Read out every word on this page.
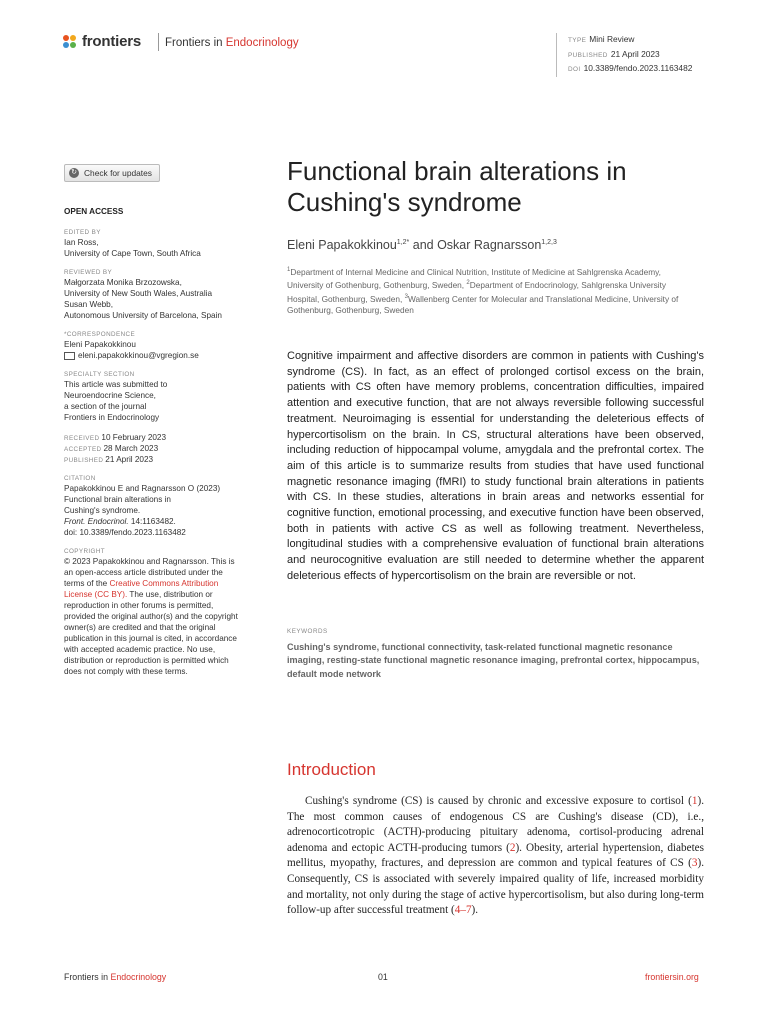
frontiers Frontiers in Endocrinology	TYPE Mini Review
PUBLISHED 21 April 2023
DOI 10.3389/fendo.2023.1163482
↻ Check for updates
OPEN ACCESS
EDITED BY
Ian Ross,
University of Cape Town, South Africa
REVIEWED BY
Małgorzata Monika Brzozowska,
University of New South Wales, Australia
Susan Webb,
Autonomous University of Barcelona, Spain
*CORRESPONDENCE
Eleni Papakokkinou
eleni.papakokkinou@vgregion.se
SPECIALTY SECTION
This article was submitted to
Neuroendocrine Science,
a section of the journal
Frontiers in Endocrinology
RECEIVED 10 February 2023
ACCEPTED 28 March 2023
PUBLISHED 21 April 2023
CITATION
Papakokkinou E and Ragnarsson O (2023)
Functional brain alterations in
Cushing's syndrome.
Front. Endocrinol. 14:1163482.
doi: 10.3389/fendo.2023.1163482
COPYRIGHT
© 2023 Papakokkinou and Ragnarsson. This is an open-access article distributed under the terms of the Creative Commons Attribution License (CC BY). The use, distribution or reproduction in other forums is permitted, provided the original author(s) and the copyright owner(s) are credited and that the original publication in this journal is cited, in accordance with accepted academic practice. No use, distribution or reproduction is permitted which does not comply with these terms.
Functional brain alterations in Cushing's syndrome
Eleni Papakokkinou$^{1,2*}$ and Oskar Ragnarsson$^{1,2,3}$
$^1$Department of Internal Medicine and Clinical Nutrition, Institute of Medicine at Sahlgrenska Academy, University of Gothenburg, Gothenburg, Sweden, $^2$Department of Endocrinology, Sahlgrenska University Hospital, Gothenburg, Sweden, $^3$Wallenberg Center for Molecular and Translational Medicine, University of Gothenburg, Gothenburg, Sweden
Cognitive impairment and affective disorders are common in patients with Cushing's syndrome (CS). In fact, as an effect of prolonged cortisol excess on the brain, patients with CS often have memory problems, concentration difficulties, impaired attention and executive function, that are not always reversible following successful treatment. Neuroimaging is essential for understanding the deleterious effects of hypercortisolism on the brain. In CS, structural alterations have been observed, including reduction of hippocampal volume, amygdala and the prefrontal cortex. The aim of this article is to summarize results from studies that have used functional magnetic resonance imaging (fMRI) to study functional brain alterations in patients with CS. In these studies, alterations in brain areas and networks essential for cognitive function, emotional processing, and executive function have been observed, both in patients with active CS as well as following treatment. Nevertheless, longitudinal studies with a comprehensive evaluation of functional brain alterations and neurocognitive evaluation are still needed to determine whether the apparent deleterious effects of hypercortisolism on the brain are reversible or not.
KEYWORDS
Cushing's syndrome, functional connectivity, task-related functional magnetic resonance imaging, resting-state functional magnetic resonance imaging, prefrontal cortex, hippocampus, default mode network
Introduction
Cushing's syndrome (CS) is caused by chronic and excessive exposure to cortisol (1). The most common causes of endogenous CS are Cushing's disease (CD), i.e., adrenocorticotropic (ACTH)-producing pituitary adenoma, cortisol-producing adrenal adenoma and ectopic ACTH-producing tumors (2). Obesity, arterial hypertension, diabetes mellitus, myopathy, fractures, and depression are common and typical features of CS (3). Consequently, CS is associated with severely impaired quality of life, increased morbidity and mortality, not only during the stage of active hypercortisolism, but also during long-term follow-up after successful treatment (4–7).
Frontiers in Endocrinology	01	frontiersin.org
